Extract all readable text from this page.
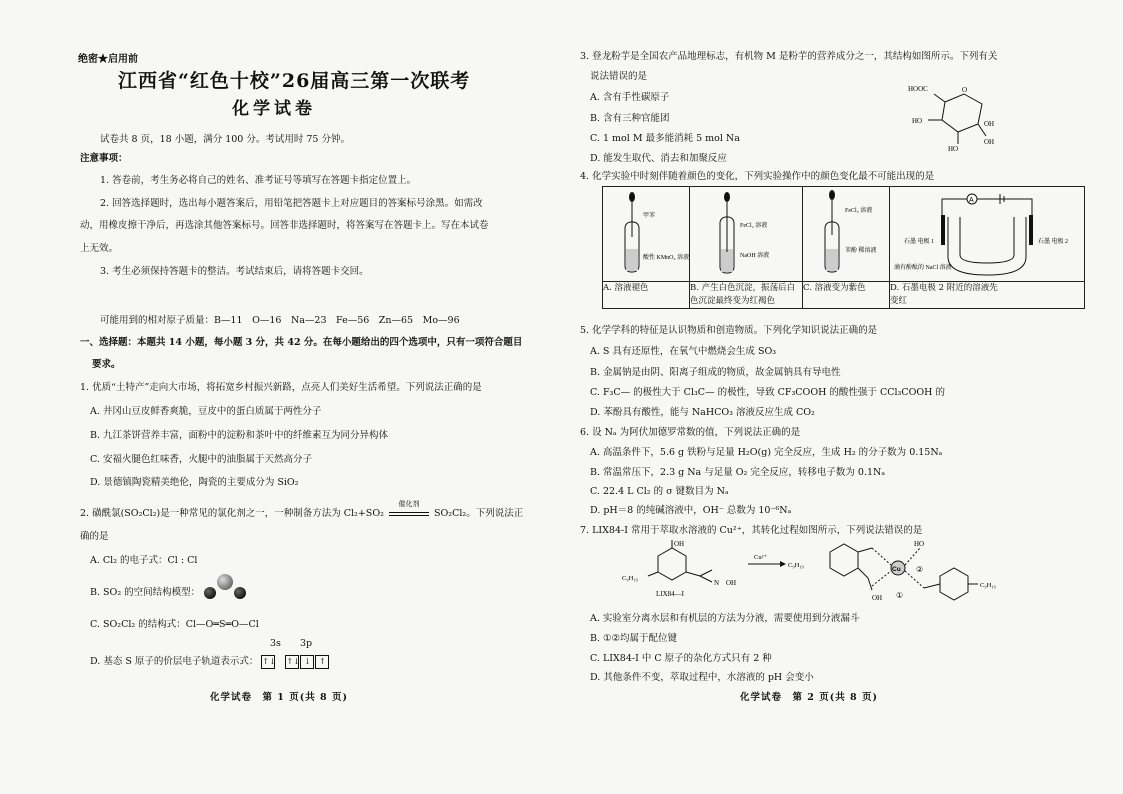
绝密★启用前
江西省“红色十校”26届高三第一次联考
化学试卷
试卷共 8 页，18 小题，满分 100 分。考试用时 75 分钟。
注意事项：
1. 答卷前，考生务必将自己的姓名、准考证号等填写在答题卡指定位置上。
2. 回答选择题时，选出每小题答案后，用铅笔把答题卡上对应题目的答案标号涂黑。如需改
动，用橡皮擦干净后，再选涂其他答案标号。回答非选择题时，将答案写在答题卡上。写在本试卷
上无效。
3. 考生必须保持答题卡的整洁。考试结束后，请将答题卡交回。
可能用到的相对原子质量：B—11　O—16　Na—23　Fe—56　Zn—65　Mo—96
一、选择题：本题共 14 小题，每小题 3 分，共 42 分。在每小题给出的四个选项中，只有一项符合题目
要求。
1. 优质“土特产”走向大市场，将拓宽乡村振兴新路，点亮人们美好生活希望。下列说法正确的是
A. 井冈山豆皮鲜香爽脆，豆皮中的蛋白质属于两性分子
B. 九江茶饼营养丰富，面粉中的淀粉和茶叶中的纤维素互为同分异构体
C. 安福火腿色红味香，火腿中的油脂属于天然高分子
D. 景德镇陶瓷精美绝伦，陶瓷的主要成分为 SiO₂
2. 磺酰氯(SO₂Cl₂)是一种常见的氯化剂之一，一种制备方法为 Cl₂+SO₂
催化剂
SO₂Cl₂。下列说法正
确的是
A. Cl₂ 的电子式：Cl : Cl
B. SO₂ 的空间结构模型：
C. SO₂Cl₂ 的结构式：Cl—O═S═O—Cl
3s 3p
D. 基态 S 原子的价层电子轨道表示式： ↑↓ ↑↓ ↓ ↑
化学试卷　第 1 页(共 8 页)
3. 登龙粉芋是全国农产品地理标志，有机物 M 是粉芋的营养成分之一，其结构如图所示。下列有关
说法错误的是
A. 含有手性碳原子
B. 含有三种官能团
C. 1 mol M 最多能消耗 5 mol Na
D. 能发生取代、消去和加聚反应
HOOC	O
HO
OH
HO
OH
4. 化学实验中时刻伴随着颜色的变化，下列实验操作中的颜色变化最不可能出现的是
甲苯
酸性 KMnO₄ 溶液	FeCl₂ 溶液
NaOH 溶液	FeCl₃ 溶液
苯酚 稀溶液	A
石墨 电极 1 石墨 电极 2
滴有酚酞的 NaCl 溶液

A. 溶液褪色	B. 产生白色沉淀，振荡后白
色沉淀最终变为红褐色	C. 溶液变为紫色	D. 石墨电极 2 附近的溶液先
变红
5. 化学学科的特征是认识物质和创造物质。下列化学知识说法正确的是
A. S 具有还原性，在氧气中燃烧会生成 SO₃
B. 金属钠是由阴、阳离子组成的物质，故金属钠具有导电性
C. F₃C— 的极性大于 Cl₃C— 的极性，导致 CF₃COOH 的酸性强于 CCl₃COOH 的
D. 苯酚具有酸性，能与 NaHCO₃ 溶液反应生成 CO₂
6. 设 Nₐ 为阿伏加德罗常数的值，下列说法正确的是
A. 高温条件下，5.6 g 铁粉与足量 H₂O(g) 完全反应，生成 H₂ 的分子数为 0.15Nₐ
B. 常温常压下，2.3 g Na 与足量 O₂ 完全反应，转移电子数为 0.1Nₐ
C. 22.4 L Cl₂ 的 σ 键数目为 Nₐ
D. pH＝8 的纯碱溶液中，OH⁻ 总数为 10⁻⁶Nₐ
7. LIX84-I 常用于萃取水溶液的 Cu²⁺，其转化过程如图所示，下列说法错误的是
OH
C₉H₁₉
N OH
LIX84—I
Cu²⁺
C₉H₁₉
OH
Cu ②
①
HO
C₉H₁₉
A. 实验室分离水层和有机层的方法为分液，需要使用到分液漏斗
B. ①②均属于配位键
C. LIX84-I 中 C 原子的杂化方式只有 2 种
D. 其他条件不变，萃取过程中，水溶液的 pH 会变小
化学试卷　第 2 页(共 8 页)
